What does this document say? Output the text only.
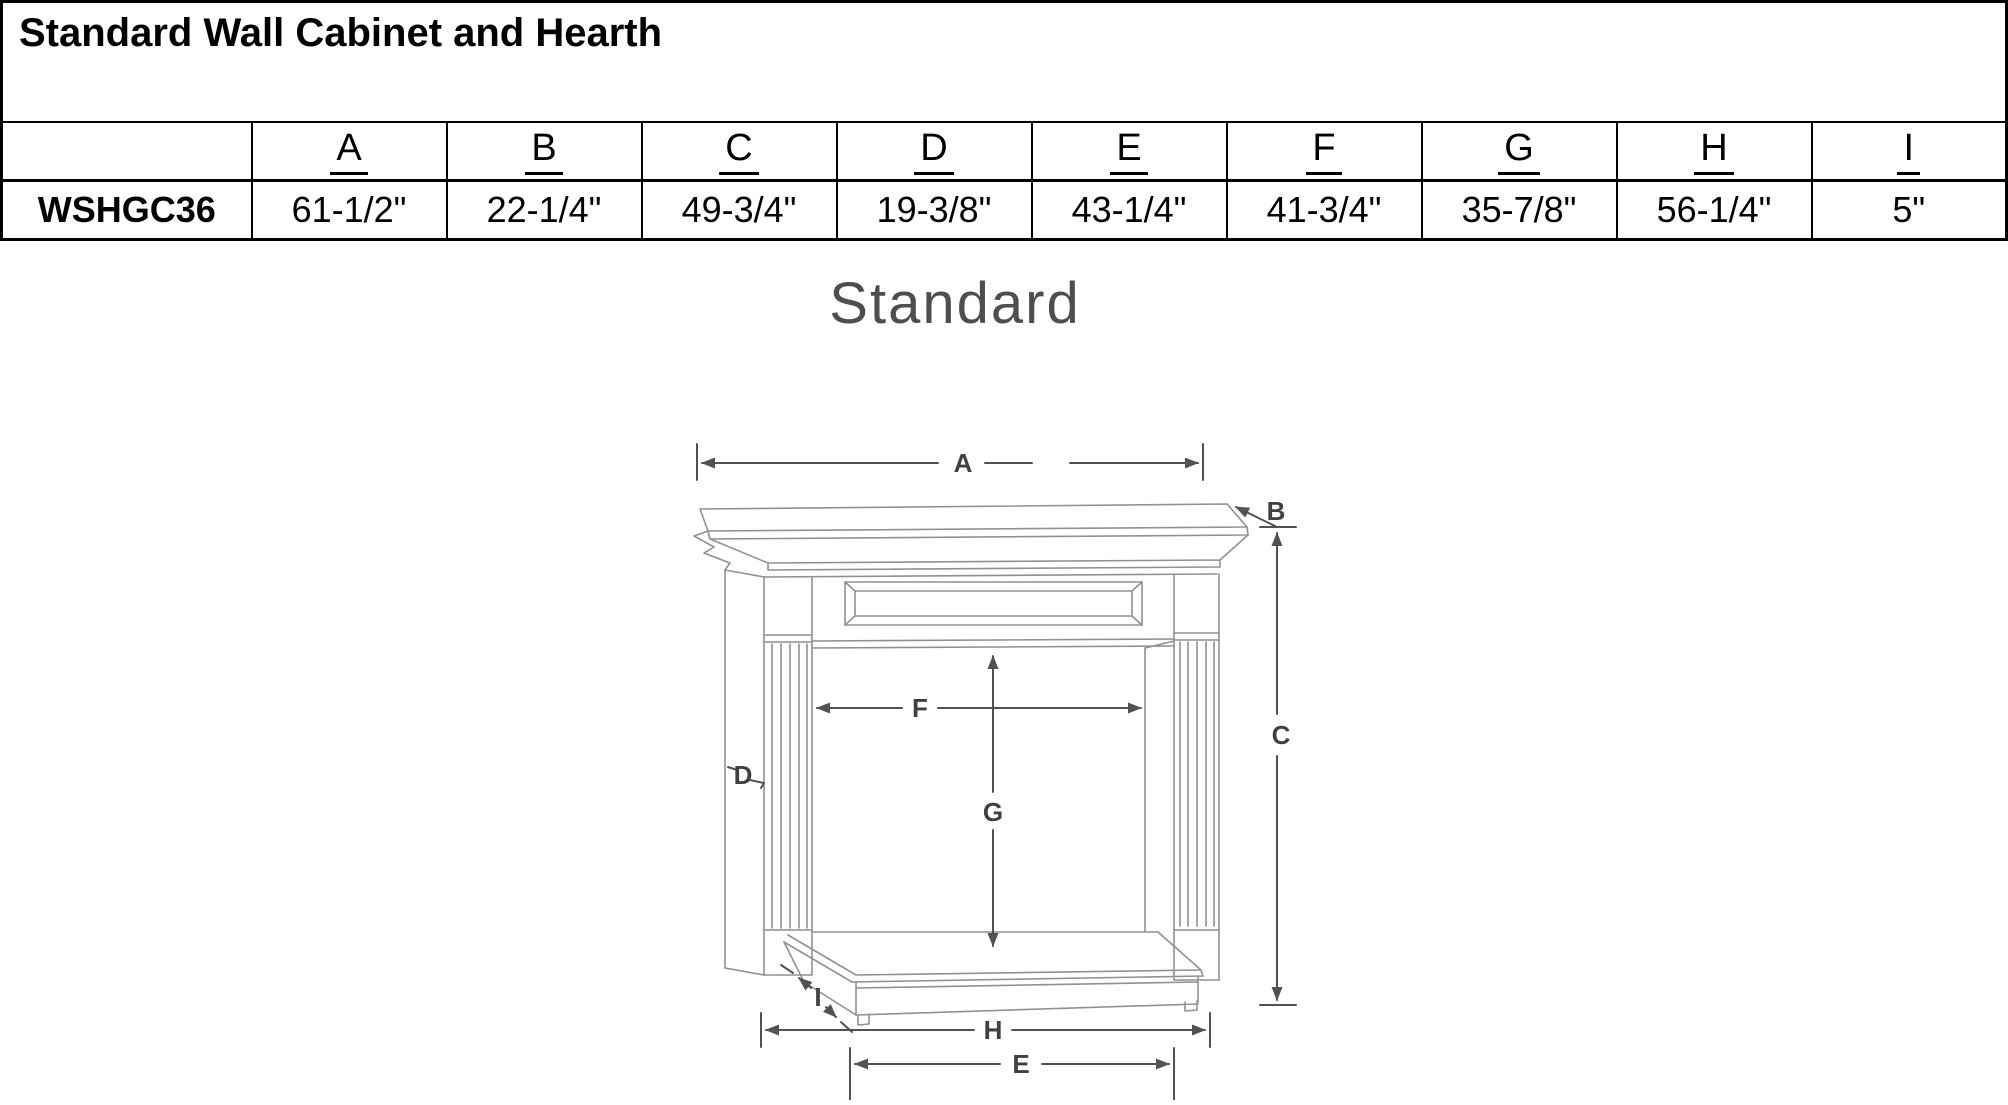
Standard Wall Cabinet and Hearth									
	A	B	C	D	E	F	G	H	I
WSHGC36	61-1/2"	22-1/4"	49-3/4"	19-3/8"	43-1/4"	41-3/4"	35-7/8"	56-1/4"	5"
Standard
A
B
C
D
F
G
I
H
E
